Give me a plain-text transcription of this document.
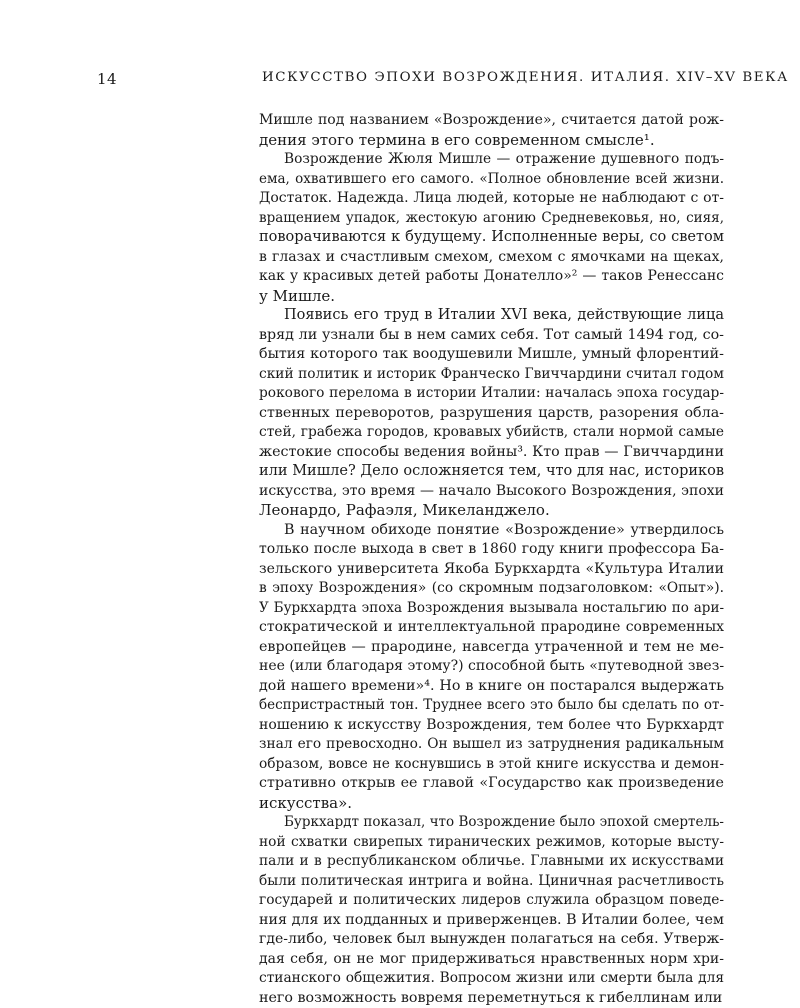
14	ИСКУССТВО ЭПОХИ ВОЗРОЖДЕНИЯ. ИТАЛИЯ. XIV–XV ВЕКА
Мишле под названием «Возрождение», считается датой рож-
дения этого термина в его современном смысле¹.
Возрождение Жюля Мишле — отражение душевного подъ-
ема, охватившего его самого. «Полное обновление всей жизни.
Достаток. Надежда. Лица людей, которые не наблюдают с от-
вращением упадок, жестокую агонию Средневековья, но, сияя,
поворачиваются к будущему. Исполненные веры, со светом
в глазах и счастливым смехом, смехом с ямочками на щеках,
как у красивых детей работы Донателло»² — таков Ренессанс
у Мишле.
Появись его труд в Италии XVI века, действующие лица
вряд ли узнали бы в нем самих себя. Тот самый 1494 год, со-
бытия которого так воодушевили Мишле, умный флорентий-
ский политик и историк Франческо Гвиччардини считал годом
рокового перелома в истории Италии: началась эпоха государ-
ственных переворотов, разрушения царств, разорения обла-
стей, грабежа городов, кровавых убийств, стали нормой самые
жестокие способы ведения войны³. Кто прав — Гвиччардини
или Мишле? Дело осложняется тем, что для нас, историков
искусства, это время — начало Высокого Возрождения, эпохи
Леонардо, Рафаэля, Микеланджело.
В научном обиходе понятие «Возрождение» утвердилось
только после выхода в свет в 1860 году книги профессора Ба-
зельского университета Якоба Буркхардта «Культура Италии
в эпоху Возрождения» (со скромным подзаголовком: «Опыт»).
У Буркхардта эпоха Возрождения вызывала ностальгию по ари-
стократической и интеллектуальной прародине современных
европейцев — прародине, навсегда утраченной и тем не ме-
нее (или благодаря этому?) способной быть «путеводной звез-
дой нашего времени»⁴. Но в книге он постарался выдержать
беспристрастный тон. Труднее всего это было бы сделать по от-
ношению к искусству Возрождения, тем более что Буркхардт
знал его превосходно. Он вышел из затруднения радикальным
образом, вовсе не коснувшись в этой книге искусства и демон-
стративно открыв ее главой «Государство как произведение
искусства».
Буркхардт показал, что Возрождение было эпохой смертель-
ной схватки свирепых тиранических режимов, которые высту-
пали и в республиканском обличье. Главными их искусствами
были политическая интрига и война. Циничная расчетливость
государей и политических лидеров служила образцом поведе-
ния для их подданных и приверженцев. В Италии более, чем
где-либо, человек был вынужден полагаться на себя. Утверж-
дая себя, он не мог придерживаться нравственных норм хри-
стианского общежития. Вопросом жизни или смерти была для
него возможность вовремя переметнуться к гибеллинам или
